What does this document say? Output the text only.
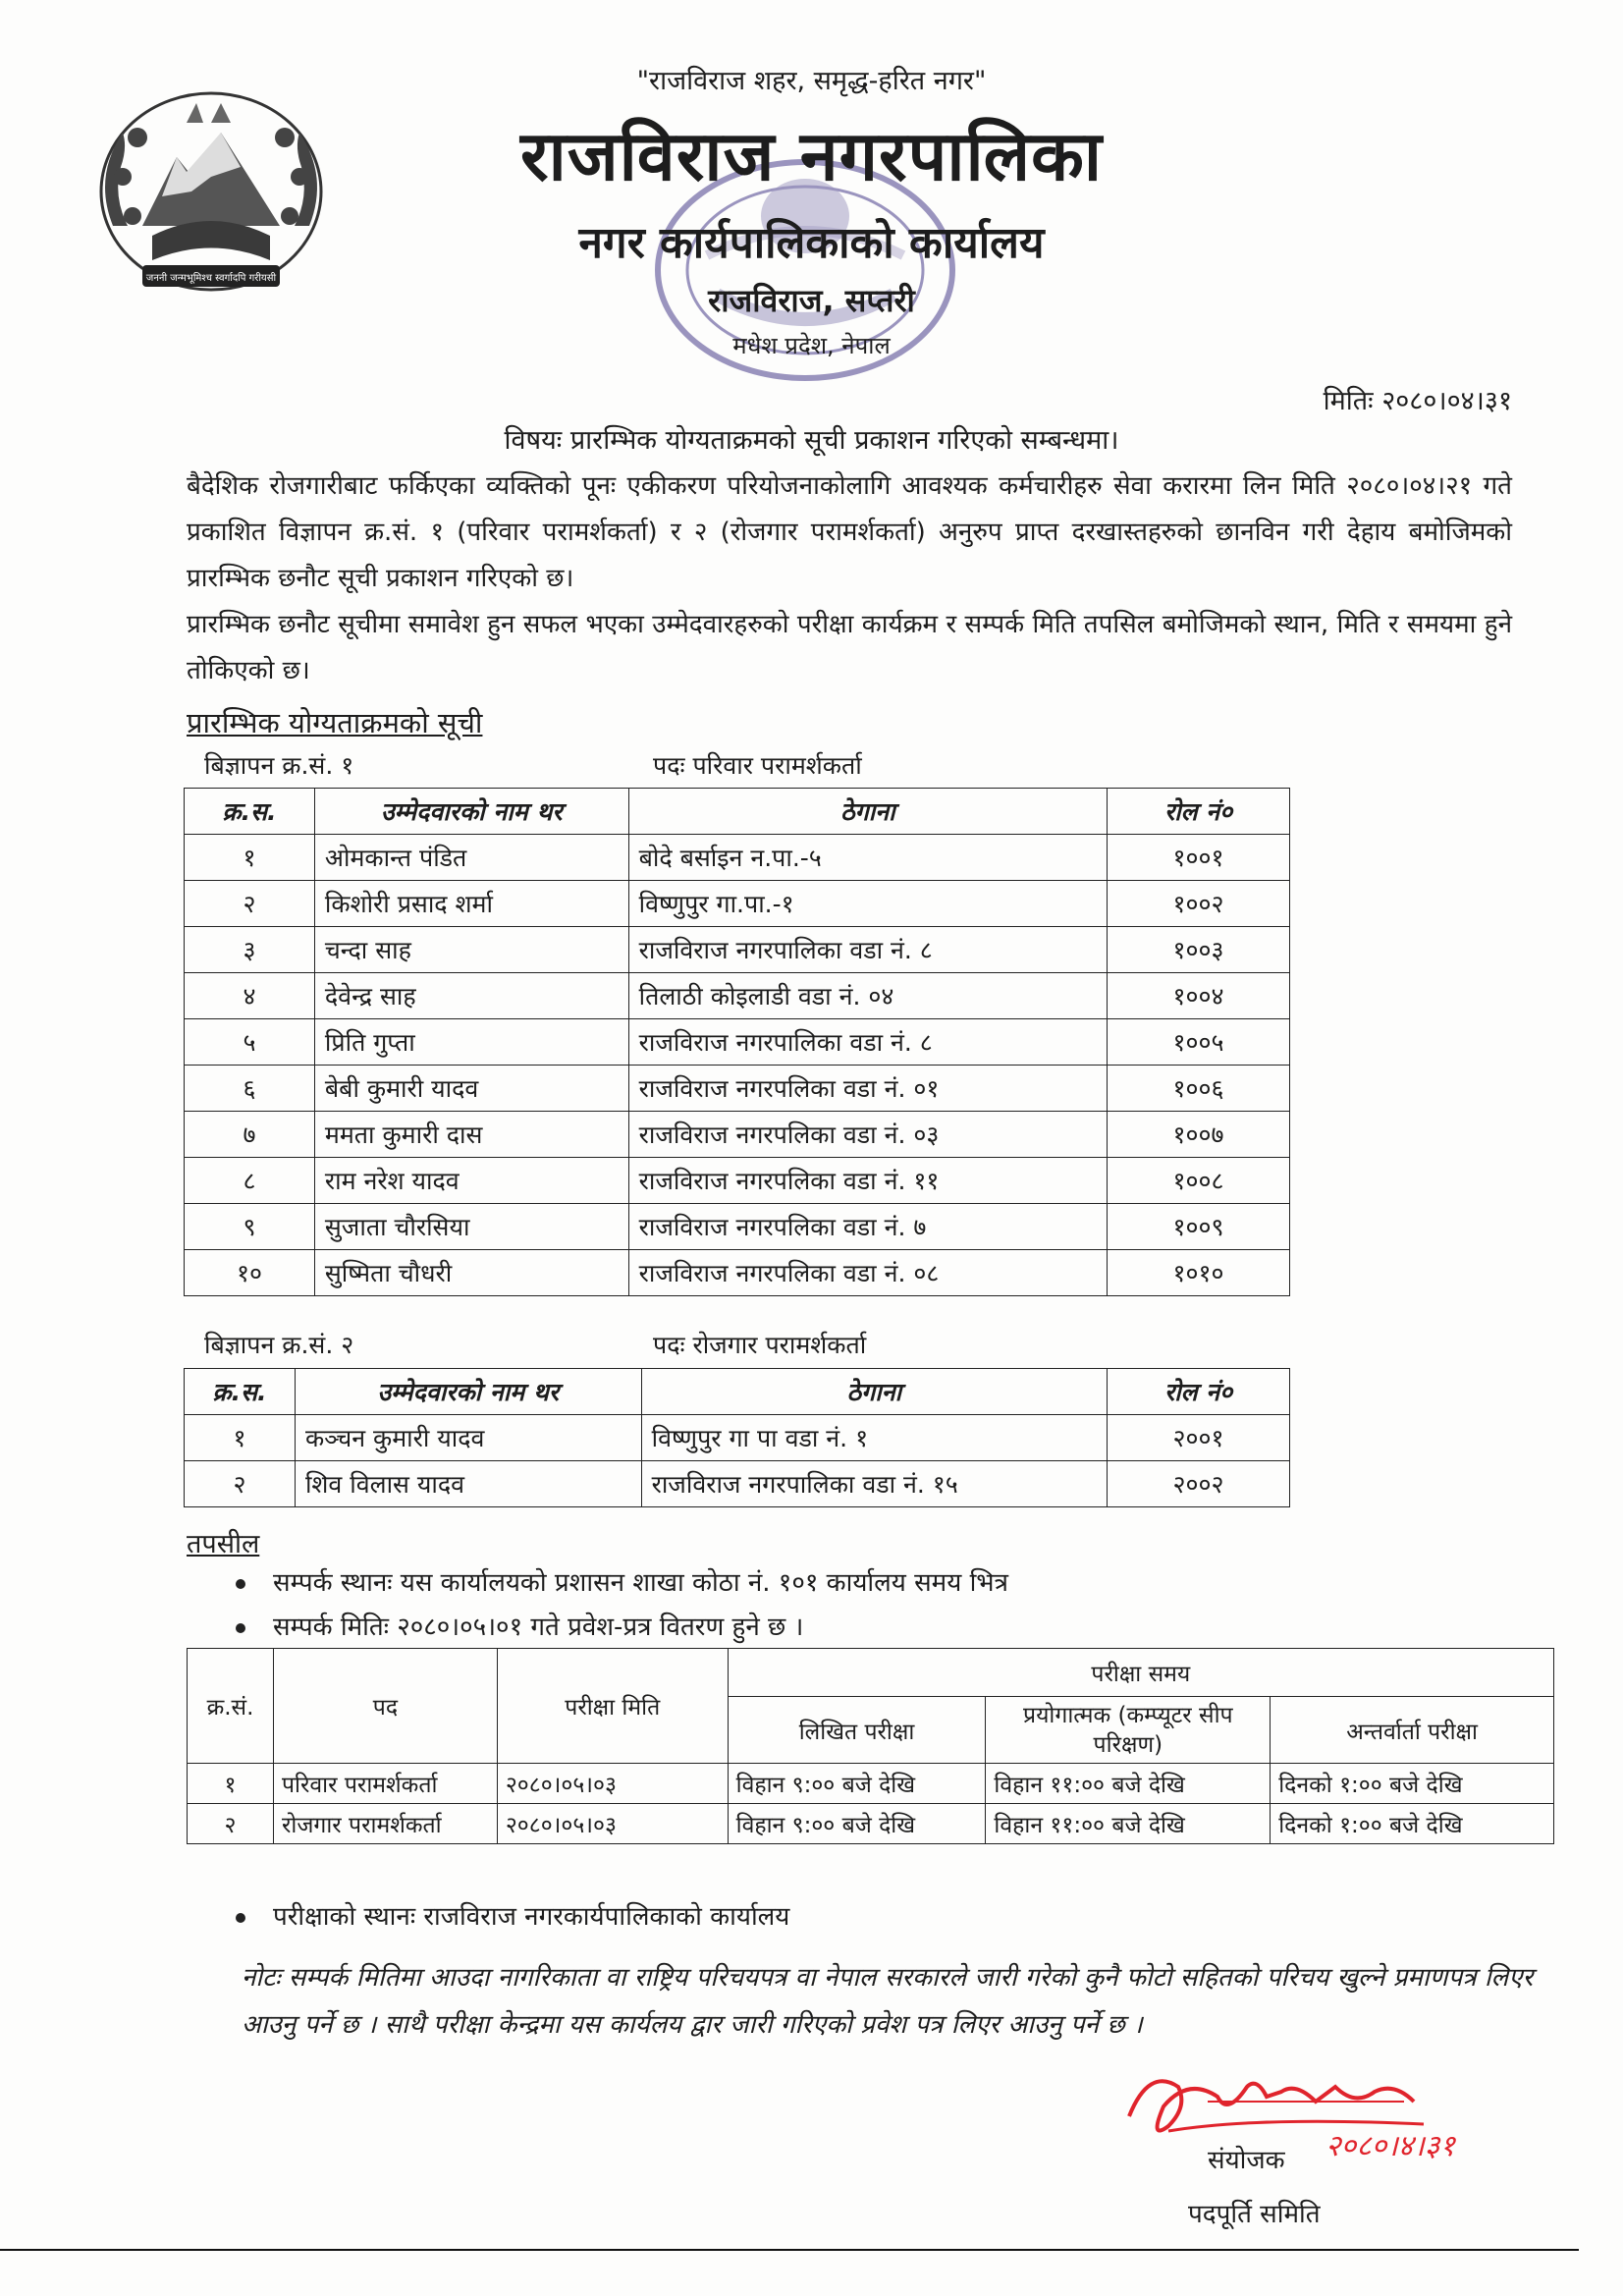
जननी जन्मभूमिश्च स्वर्गादपि गरीयसी
"राजविराज शहर, समृद्ध-हरित नगर"
राजविराज नगरपालिका
नगर कार्यपालिकाको कार्यालय
राजविराज, सप्तरी
मधेश प्रदेश, नेपाल
मितिः २०८०।०४।३१
विषयः प्रारम्भिक योग्यताक्रमको सूची प्रकाशन गरिएको सम्बन्धमा।
बैदेशिक रोजगारीबाट फर्किएका व्यक्तिको पूनः एकीकरण परियोजनाकोलागि आवश्यक कर्मचारीहरु सेवा करारमा लिन मिति २०८०।०४।२१ गते प्रकाशित विज्ञापन क्र.सं. १ (परिवार परामर्शकर्ता) र २ (रोजगार परामर्शकर्ता) अनुरुप प्राप्त दरखास्तहरुको छानविन गरी देहाय बमोजिमको प्रारम्भिक छनौट सूची प्रकाशन गरिएको छ।
प्रारम्भिक छनौट सूचीमा समावेश हुन सफल भएका उम्मेदवारहरुको परीक्षा कार्यक्रम र सम्पर्क मिति तपसिल बमोजिमको स्थान, मिति र समयमा हुने तोकिएको छ।
प्रारम्भिक योग्यताक्रमको सूची
बिज्ञापन क्र.सं. १	पदः परिवार परामर्शकर्ता
क्र.स.	उम्मेदवारको नाम थर	ठेगाना	रोल नं०
१	ओमकान्त पंडित	बोदे बर्साइन न.पा.-५	१००१
२	किशोरी प्रसाद शर्मा	विष्णुपुर गा.पा.-१	१००२
३	चन्दा साह	राजविराज नगरपालिका वडा नं. ८	१००३
४	देवेन्द्र साह	तिलाठी कोइलाडी वडा नं. ०४	१००४
५	प्रिति गुप्ता	राजविराज नगरपालिका वडा नं. ८	१००५
६	बेबी कुमारी यादव	राजविराज नगरपलिका वडा नं. ०१	१००६
७	ममता कुमारी दास	राजविराज नगरपलिका वडा नं. ०३	१००७
८	राम नरेश यादव	राजविराज नगरपलिका वडा नं. ११	१००८
९	सुजाता चौरसिया	राजविराज नगरपलिका वडा नं. ७	१००९
१०	सुष्मिता चौधरी	राजविराज नगरपलिका वडा नं. ०८	१०१०
बिज्ञापन क्र.सं. २	पदः रोजगार परामर्शकर्ता
क्र.स.	उम्मेदवारको नाम थर	ठेगाना	रोल नं०
१	कञ्चन कुमारी यादव	विष्णुपुर गा पा वडा नं. १	२००१
२	शिव विलास यादव	राजविराज नगरपालिका वडा नं. १५	२००२
तपसील
सम्पर्क स्थानः यस कार्यालयको प्रशासन शाखा कोठा नं. १०१ कार्यालय समय भित्र
सम्पर्क मितिः २०८०।०५।०१ गते प्रवेश-प्रत्र वितरण हुने छ ।
क्र.सं.	पद	परीक्षा मिति	परीक्षा समय		
			लिखित परीक्षा	प्रयोगात्मक (कम्प्यूटर सीप परिक्षण)	अन्तर्वार्ता परीक्षा
१	परिवार परामर्शकर्ता	२०८०।०५।०३	विहान ९:०० बजे देखि	विहान ११:०० बजे देखि	दिनको १:०० बजे देखि
२	रोजगार परामर्शकर्ता	२०८०।०५।०३	विहान ९:०० बजे देखि	विहान ११:०० बजे देखि	दिनको १:०० बजे देखि
परीक्षाको स्थानः राजविराज नगरकार्यपालिकाको कार्यालय
नोटः सम्पर्क मितिमा आउदा नागरिकाता वा राष्ट्रिय परिचयपत्र वा नेपाल सरकारले जारी गरेको कुनै फोटो सहितको परिचय खुल्ने प्रमाणपत्र लिएर आउनु पर्ने छ । साथै परीक्षा केन्द्रमा यस कार्यलय द्वार जारी गरिएको प्रवेश पत्र लिएर आउनु पर्ने छ ।
२०८०।४।३१
संयोजक
पदपूर्ति समिति
